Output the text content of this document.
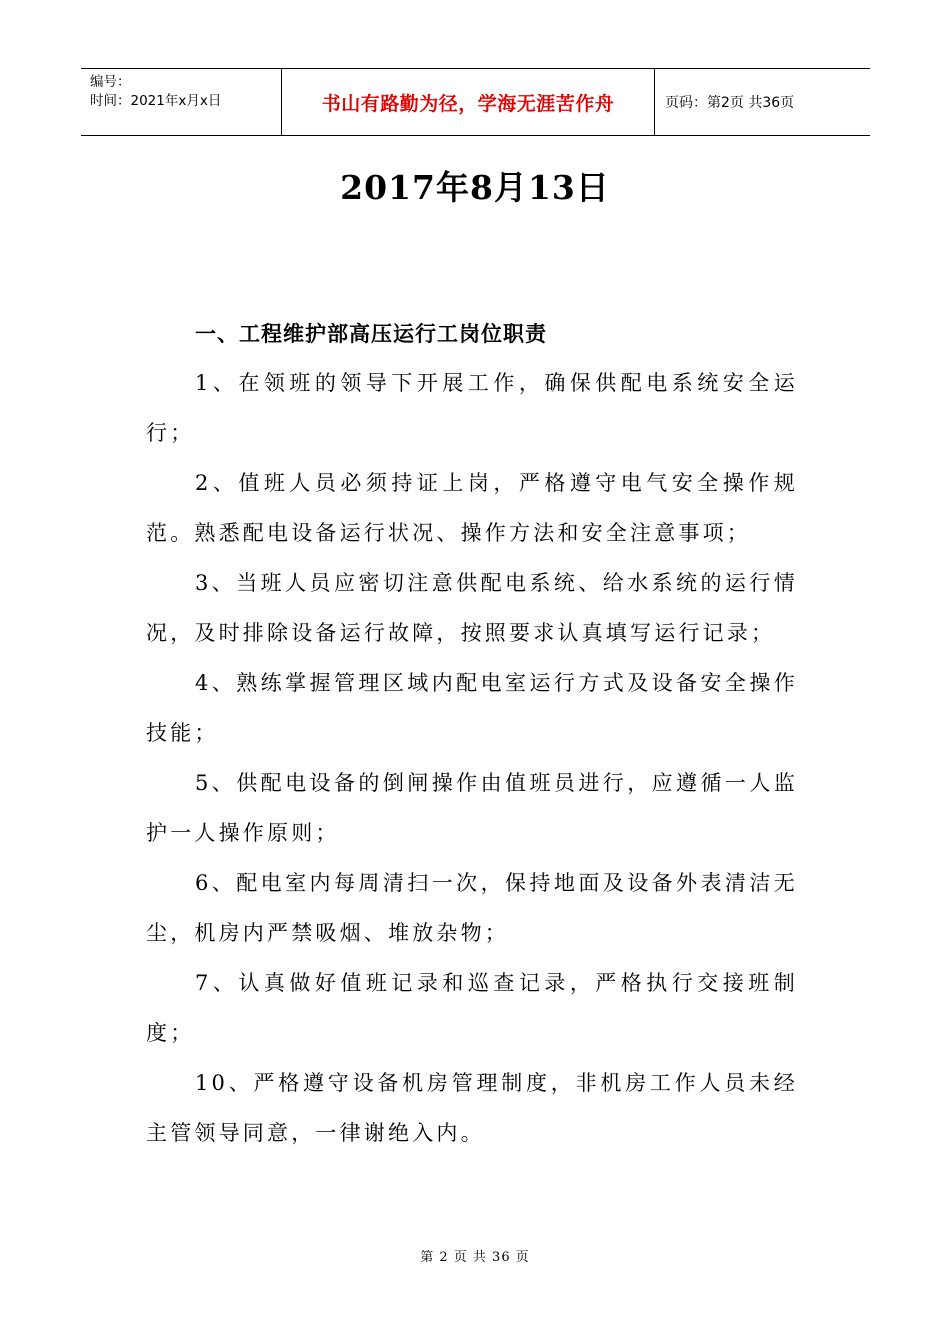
编号：
时间：2021年x月x日	书山有路勤为径，学海无涯苦作舟	页码：第2页 共36页
2017年8月13日
一、工程维护部高压运行工岗位职责

1、在领班的领导下开展工作，确保供配电系统安全运行；

2、值班人员必须持证上岗，严格遵守电气安全操作规范。熟悉配电设备运行状况、操作方法和安全注意事项；

3、当班人员应密切注意供配电系统、给水系统的运行情况，及时排除设备运行故障，按照要求认真填写运行记录；

4、熟练掌握管理区域内配电室运行方式及设备安全操作技能；

5、供配电设备的倒闸操作由值班员进行，应遵循一人监护一人操作原则；

6、配电室内每周清扫一次，保持地面及设备外表清洁无尘，机房内严禁吸烟、堆放杂物；

7、认真做好值班记录和巡查记录，严格执行交接班制度；

10、严格遵守设备机房管理制度，非机房工作人员未经主管领导同意，一律谢绝入内。

第 2 页 共 36 页
